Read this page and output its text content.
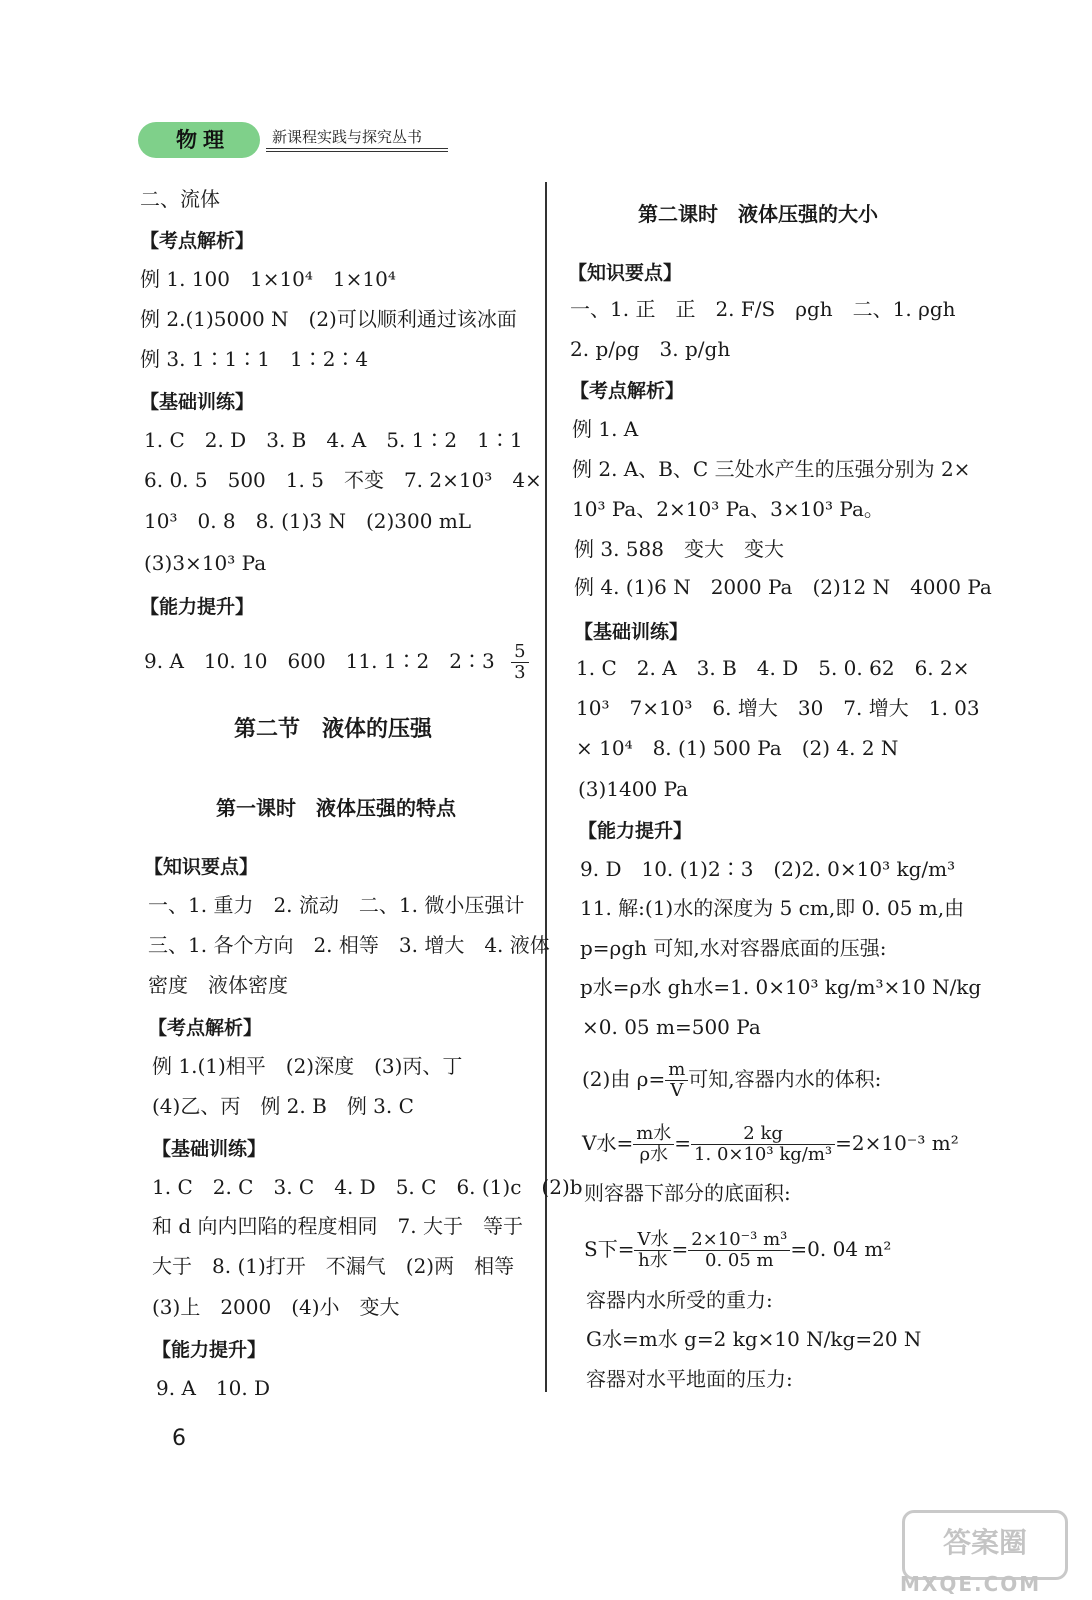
物理	新课程实践与探究丛书
二、流体
【考点解析】
例 1. 100　1×10⁴　1×10⁴
例 2.(1)5000 N　(2)可以顺利通过该冰面
例 3. 1∶1∶1　1∶2∶4
【基础训练】
1. C　2. D　3. B　4. A　5. 1∶2　1∶1
6. 0. 5　500　1. 5　不变　7. 2×10³　4×
10³　0. 8　8. (1)3 N　(2)300 mL
(3)3×10³ Pa
【能力提升】
9. A　10. 10　600　11. 1∶2　2∶3 $\frac{5}{3}$
第二节　液体的压强
第一课时　液体压强的特点
【知识要点】
一、1. 重力　2. 流动　二、1. 微小压强计
三、1. 各个方向　2. 相等　3. 增大　4. 液体
密度　液体密度
【考点解析】
例 1.(1)相平　(2)深度　(3)丙、丁
(4)乙、丙　例 2. B　例 3. C
【基础训练】
1. C　2. C　3. C　4. D　5. C　6. (1)c　(2)b
和 d 向内凹陷的程度相同　7. 大于　等于
大于　8. (1)打开　不漏气　(2)两　相等
(3)上　2000　(4)小　变大
【能力提升】
9. A　10. D
第二课时　液体压强的大小
【知识要点】
一、1. 正　正　2. F/S　ρgh　二、1. ρgh
2. p/ρg　3. p/gh
【考点解析】
例 1. A
例 2. A、B、C 三处水产生的压强分别为 2×
10³ Pa、2×10³ Pa、3×10³ Pa。
例 3. 588　变大　变大
例 4. (1)6 N　2000 Pa　(2)12 N　4000 Pa
【基础训练】
1. C　2. A　3. B　4. D　5. 0. 62　6. 2×
10³　7×10³　6. 增大　30　7. 增大　1. 03
× 10⁴　8. (1) 500 Pa　(2) 4. 2 N
(3)1400 Pa
【能力提升】
9. D　10. (1)2∶3　(2)2. 0×10³ kg/m³
11. 解:(1)水的深度为 5 cm,即 0. 05 m,由
p=ρgh 可知,水对容器底面的压强:
p水=ρ水 gh水=1. 0×10³ kg/m³×10 N/kg
×0. 05 m=500 Pa
(2)由 $\rho= \frac{m}{V}$ 可知,容器内水的体积:
V水= $\frac{\text{m水}}{\text{ρ水}} = \frac{2 kg}{\text{1. 0×10³ kg/m³}} =2\times 10^{-3}$ m²
则容器下部分的底面积:
S下= $\frac{\text{V水}}{\text{h水}} = \frac{\text{2×10⁻³ m³}}{0. 05 m} =0$. 04 m²
容器内水所受的重力:
G水=m水 g=2 kg×10 N/kg=20 N
容器对水平地面的压力:
6
答案圈
MXQE.COM
